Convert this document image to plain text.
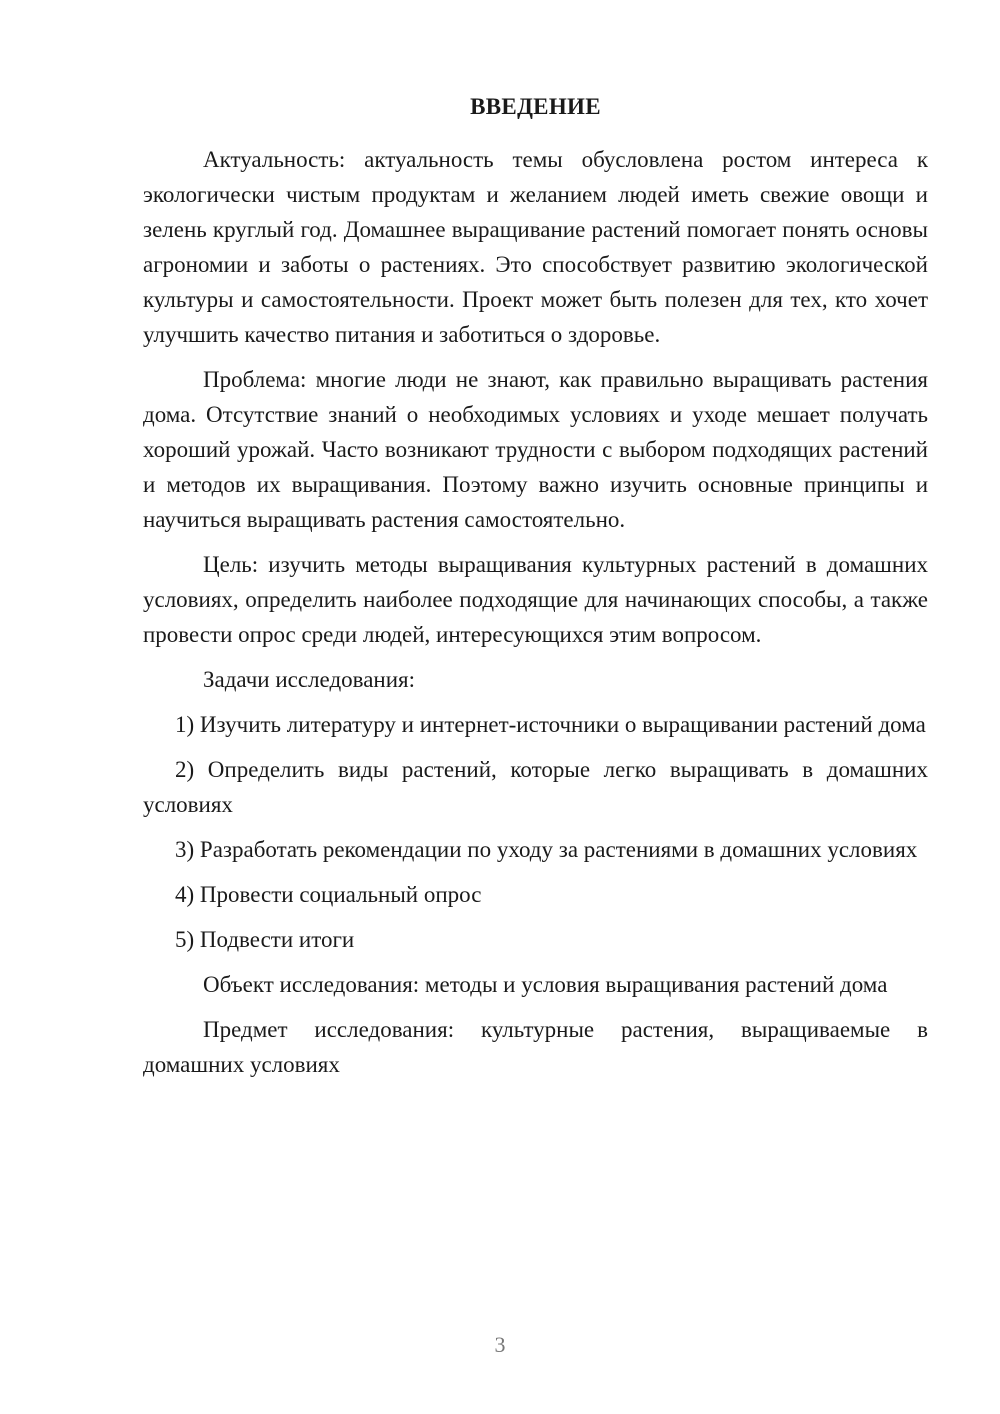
ВВЕДЕНИЕ

Актуальность: актуальность темы обусловлена ростом интереса к экологически чистым продуктам и желанием людей иметь свежие овощи и зелень круглый год. Домашнее выращивание растений помогает понять основы агрономии и заботы о растениях. Это способствует развитию экологической культуры и самостоятельности. Проект может быть полезен для тех, кто хочет улучшить качество питания и заботиться о здоровье.

Проблема: многие люди не знают, как правильно выращивать растения дома. Отсутствие знаний о необходимых условиях и уходе мешает получать хороший урожай. Часто возникают трудности с выбором подходящих растений и методов их выращивания. Поэтому важно изучить основные принципы и научиться выращивать растения самостоятельно.

Цель: изучить методы выращивания культурных растений в домашних условиях, определить наиболее подходящие для начинающих способы, а также провести опрос среди людей, интересующихся этим вопросом.

Задачи исследования:

1) Изучить литературу и интернет-источники о выращивании растений дома

2) Определить виды растений, которые легко выращивать в домашних условиях

3) Разработать рекомендации по уходу за растениями в домашних условиях

4) Провести социальный опрос

5) Подвести итоги

Объект исследования: методы и условия выращивания растений дома

Предмет исследования: культурные растения, выращиваемые в домашних условиях

3
